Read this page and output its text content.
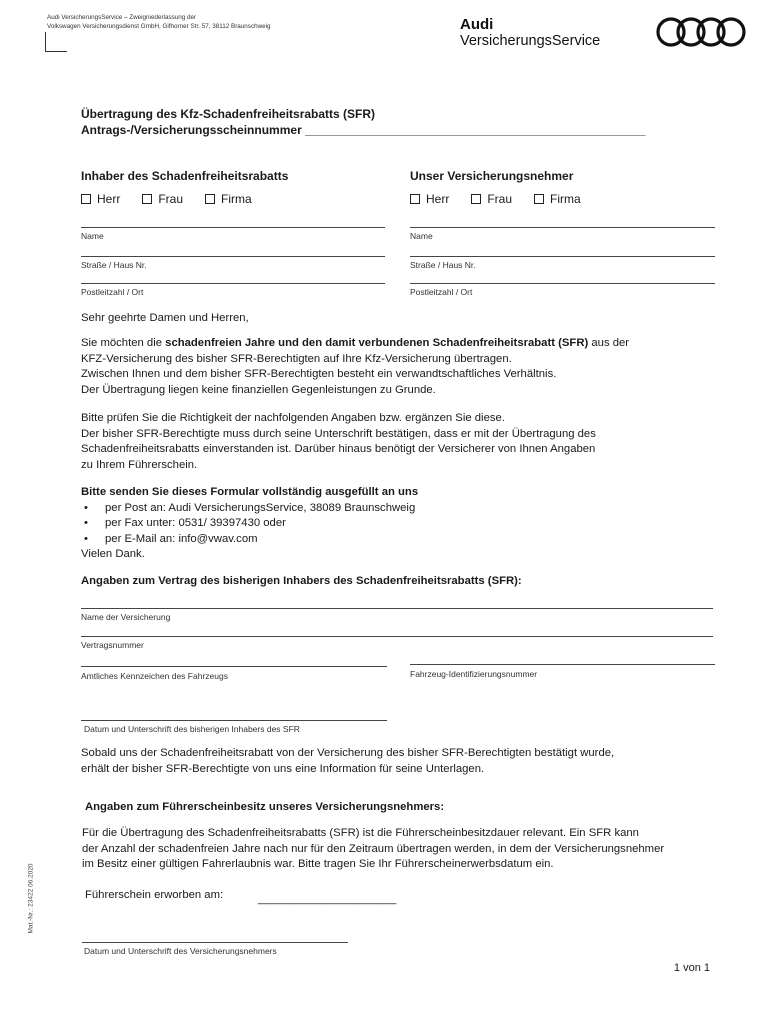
Audi VersicherungsService – Zweigniederlassung der
Volkswagen Versicherungsdienst GmbH, Gifhorner Str. 57, 38112 Braunschweig	Audi
VersicherungsService
Übertragung des Kfz-Schadenfreiheitsrabatts (SFR)
Antrags-/Versicherungsscheinnummer ___________________________________________________
Inhaber des Schadenfreiheitsrabatts
Herr	Frau	Firma
Name
Straße / Haus Nr.
Postleitzahl / Ort
Unser Versicherungsnehmer
Herr	Frau	Firma
Name
Straße / Haus Nr.
Postleitzahl / Ort
Sehr geehrte Damen und Herren,
Sie möchten die schadenfreien Jahre und den damit verbundenen Schadenfreiheitsrabatt (SFR) aus der
KFZ-Versicherung des bisher SFR-Berechtigten auf Ihre Kfz-Versicherung übertragen.
Zwischen Ihnen und dem bisher SFR-Berechtigten besteht ein verwandtschaftliches Verhältnis.
Der Übertragung liegen keine finanziellen Gegenleistungen zu Grunde.
Bitte prüfen Sie die Richtigkeit der nachfolgenden Angaben bzw. ergänzen Sie diese.
Der bisher SFR-Berechtigte muss durch seine Unterschrift bestätigen, dass er mit der Übertragung des
Schadenfreiheitsrabatts einverstanden ist. Darüber hinaus benötigt der Versicherer von Ihnen Angaben
zu Ihrem Führerschein.
Bitte senden Sie dieses Formular vollständig ausgefüllt an uns
• per Post an: Audi VersicherungsService, 38089 Braunschweig
• per Fax unter: 0531/ 39397430 oder
• per E-Mail an: info@vwav.com
Vielen Dank.
Angaben zum Vertrag des bisherigen Inhabers des Schadenfreiheitsrabatts (SFR):
Name der Versicherung
Vertragsnummer
Amtliches Kennzeichen des Fahrzeugs	Fahrzeug-Identifizierungsnummer
Datum und Unterschrift des bisherigen Inhabers des SFR
Sobald uns der Schadenfreiheitsrabatt von der Versicherung des bisher SFR-Berechtigten bestätigt wurde,
erhält der bisher SFR-Berechtigte von uns eine Information für seine Unterlagen.
Angaben zum Führerscheinbesitz unseres Versicherungsnehmers:
Für die Übertragung des Schadenfreiheitsrabatts (SFR) ist die Führerscheinbesitzdauer relevant. Ein SFR kann
der Anzahl der schadenfreien Jahre nach nur für den Zeitraum übertragen werden, in dem der Versicherungsnehmer
im Besitz einer gültigen Fahrerlaubnis war. Bitte tragen Sie Ihr Führerscheinerwerbsdatum ein.
Führerschein erworben am:	______________________
Datum und Unterschrift des Versicherungsnehmers
Mat.-Nr.: 23422 06.2020
1 von 1
